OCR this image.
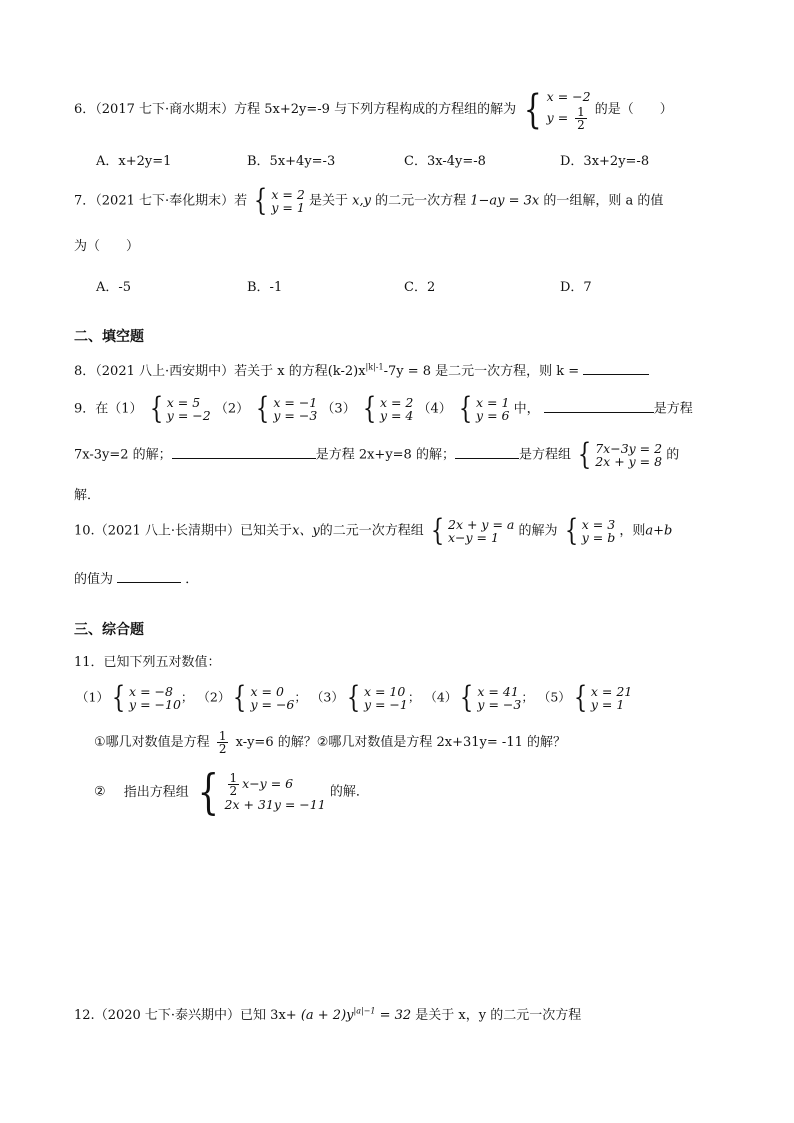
6．（2017 七下·商水期末）方程 5x+2y=-9 与下列方程构成的方程组的解为 { x = −2
$y = \frac{1}{2}$ 的是（　　）
A．x+2y=1	B．5x+4y=-3	C．3x-4y=-8	D．3x+2y=-8
7．（2021 七下·奉化期末）若 { x = 2
y = 1 是关于 x,y 的二元一次方程 1−ay = 3x 的一组解，则 a 的值
为（　　）
A．-5	B．-1	C．2	D．7
二、填空题
8．（2021 八上·西安期中）若关于 x 的方程$(k-2)x^{|k|-1}-7y = 8$ 是二元一次方程，则 k =
9．在（1） { x = 5
y = −2 （2） { x = −1
y = −3 （3） { x = 2
y = 4 （4） { x = 1
y = 6 中，	是方程
7x-3y=2 的解；	是方程 2x+y=8 的解；	是方程组 { 7x−3y = 2
2x + y = 8 的
解．
10.（2021 八上·长清期中）已知关于x、y的二元一次方程组 { 2x + y = a
x−y = 1	的解为 { x = 3
y = b ，则a+b
的值为	．
三、综合题
11．已知下列五对数值：
（1） { x = −8
y = −10 ； （2） { x = 0
y = −6 ； （3） { x = 10
y = −1 ； （4） { x = 41
y = −3 ； （5） { x = 21
y = 1
①哪几对数值是方程 $\frac{1}{2} x-y=6$ 的解？②哪几对数值是方程 2x+31y= -11 的解？
② 指出方程组 { $\frac{1}{2} x-y = 6$
2x + 31y = −11
的解．
12.（2020 七下·泰兴期中）已知 $3x+ (a + 2)y^{|a|-1} = 32$ 是关于 x，y 的二元一次方程
